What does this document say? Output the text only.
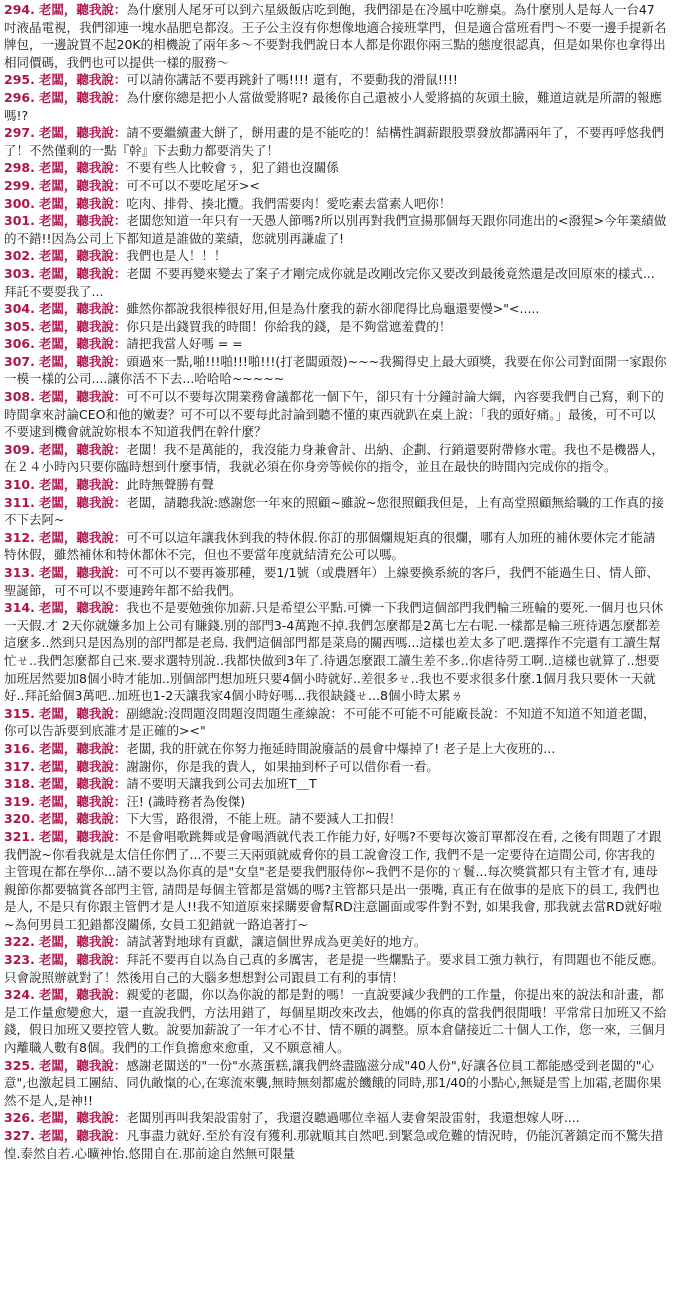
294. 老闆，聽我說：為什麼別人尾牙可以到六星級飯店吃到飽，我們卻是在冷風中吃辦桌。為什麼別人是每人一台47吋液晶電視，我們卻連一塊水晶肥皂都沒。王子公主沒有你想像地適合接班掌門，但是適合當班看門～不要一邊手提新名牌包，一邊說買不起20K的相機說了兩年多～不要對我們說日本人都是你跟你兩三點的態度很認真，但是如果你也拿得出相同價碼，我們也可以提供一樣的服務～
295. 老闆，聽我說：可以請你講話不要再跳針了嗎!!!! 還有，不要動我的滑鼠!!!!
296. 老闆，聽我說：為什麼你總是把小人當做愛將呢? 最後你自己還被小人愛將搞的灰頭土臉，難道這就是所謂的報應嗎!?
297. 老闆，聽我說：請不要繼續畫大餅了，餅用畫的是不能吃的！結構性調薪跟股票發放都講兩年了，不要再呼悠我們了！不然僅剩的一點『幹』下去動力都要消失了！
298. 老闆，聽我說：不要有些人比較會ㄋ，犯了錯也沒關係
299. 老闆，聽我說：可不可以不要吃尾牙><
300. 老闆，聽我說：吃肉、排骨、揍北攬。我們需要肉！愛吃素去當素人吧你！
301. 老闆，聽我說：老闆您知道一年只有一天愚人節嗎?所以別再對我們宣揚那個每天跟你同進出的<潑猩>今年業績做的不錯!!因為公司上下都知道是誰做的業績，您就別再謙虛了!
302. 老闆，聽我說：我們也是人！！！
303. 老闆，聽我說：老闆 不要再變來變去了案子才剛完成你就是改剛改完你又要改到最後竟然還是改回原來的樣式...拜託不要耍我了...
304. 老闆，聽我說：雖然你都說我很棒很好用,但是為什麼我的薪水卻爬得比烏龜還要慢>"<.....
305. 老闆，聽我說：你只是出錢買我的時間！你給我的錢，是不夠當遮羞費的！
306. 老闆，聽我說：請把我當人好嗎 = =
307. 老闆，聽我說：頭過來一點,啪!!!啪!!!啪!!!(打老闆頭殼)~~~我獨得史上最大頭獎，我要在你公司對面開一家跟你一模一樣的公司....讓你活不下去...哈哈哈~~~~~
308. 老闆，聽我說：可不可以不要每次開業務會議都花一個下午，卻只有十分鐘討論大綱，內容要我們自己寫，剩下的時間拿來討論CEO和他的嫩妻？可不可以不要每此討論到聽不懂的東西就趴在桌上說：「我的頭好痛。」最後，可不可以不要逮到機會就說妳根本不知道我們在幹什麼？
309. 老闆，聽我說：老闆！我不是萬能的，我沒能力身兼會計、出納、企劃、行銷還要附帶修水電。我也不是機器人，在２４小時內只要你臨時想到什麼事情，我就必須在你身旁等候你的指令，並且在最快的時間內完成你的指令。
310. 老闆，聽我說：此時無聲勝有聲
311. 老闆，聽我說：老闆，請聽我說:感謝您一年來的照顧~雖說~您很照顧我但是，上有高堂照顧無給職的工作真的接不下去阿~
312. 老闆，聽我說：可不可以這年讓我休到我的特休假.你訂的那個爛規矩真的很爛，哪有人加班的補休要休完才能請特休假，雖然補休和特休都休不完，但也不要當年度就結清充公可以嗎。
313. 老闆，聽我說：可不可以不要再簽那種，要1/1號（或農曆年）上線要換系統的客戶，我們不能過生日、情人節、聖誕節，可不可以不要連跨年都不給我們。
314. 老闆，聽我說：我也不是要勉強你加薪.只是希望公平點.可憐一下我們這個部門我們輪三班輪的要死.一個月也只休一天假.才 2天你就嫌多加上公司有賺錢.別的部門3-4萬跑不掉.我們怎麼都是2萬七左右呢.一樣都是輪三班待遇怎麼都差這麼多..然到只是因為別的部門都是老鳥. 我們這個部門都是菜鳥的關西嗎...這樣也差太多了吧.選擇作不完還有工讀生幫忙ㄝ..我們怎麼都自己來.要求選特別說..我都快做到3年了.待遇怎麼跟工讀生差不多..你虐待勞工啊..這樣也就算了..想要加班居然要加8個小時才能加..別個部門想加班只要4個小時就好..差很多ㄝ..我也不要求很多什麼.1個月我只要休一天就好..拜託給個3萬吧..加班也1-2天讓我家4個小時好嗎...我很缺錢ㄝ...8個小時太累ㄌ
315. 老闆，聽我說：副總說:沒問題沒問題沒問題生產線說：不可能不可能不可能廠長說：不知道不知道不知道老闆，你可以告訴要到底誰才是正確的><"
316. 老闆，聽我說：老闆, 我的肝就在你努力拖延時間說廢話的晨會中爆掉了! 老子是上大夜班的...
317. 老闆，聽我說：謝謝你，你是我的貴人，如果抽到杯子可以借你看一看。
318. 老闆，聽我說：請不要明天讓我到公司去加班T＿T
319. 老闆，聽我說：汪! (識時務者為俊傑)
320. 老闆，聽我說：下大雪，路很滑，不能上班。請不要減人工扣假！
321. 老闆，聽我說：不是會唱歌跳舞或是會喝酒就代表工作能力好, 好嗎?不要每次簽訂單都沒在看, 之後有問題了才跟我們說~你看我就是太信任你們了...不要三天兩頭就威脅你的員工說會沒工作, 我們不是一定要待在這間公司, 你害我的主管現在都在學你...請不要以為你真的是"女皇"老是要我們服侍你~我們不是你的ㄚ鬟...每次獎賞都只有主管才有, 連母親節你都要犒賞各部門主管, 請問是每個主管都是當媽的嗎?主管都只是出一張嘴, 真正有在做事的是底下的員工, 我們也是人, 不是只有你跟主管們才是人!!我不知道原來採購要會幫RD注意圖面或零件對不對, 如果我會, 那我就去當RD就好啦~為何男員工犯錯都沒關係, 女員工犯錯就一路追著打~
322. 老闆，聽我說：請試著對地球有貢獻，讓這個世界成為更美好的地方。
323. 老闆，聽我說：拜託不要再自以為自己真的多厲害，老是提一些爛點子。要求員工強力執行，有問題也不能反應。只會說照辦就對了！然後用自己的大腦多想想對公司跟員工有利的事情！
324. 老闆，聽我說：親愛的老闆，你以為你說的都是對的嗎！一直說要減少我們的工作量，你提出來的說法和計畫，都是工作量愈變愈大，還一直說我們，方法用錯了，每個星期改來改去，他媽的你真的當我們很閒哦！平常常日加班又不給錢，假日加班又要控管人數。說要加薪說了一年才心不甘、情不願的調整。原本倉儲接近二十個人工作，您一來，三個月內離職人數有8個。我們的工作負擔愈來愈重，又不願意補人。
325. 老闆，聽我說：感謝老闆送的"一份"水蒸蛋糕,讓我們終盡臨滋分成"40人份",好讓各位員工都能感受到老闆的"心意",也激起員工團結、同仇敵愾的心,在寒流來襲,無時無刻都處於饑餓的同時,那1/40的小點心,無疑是雪上加霜,老闆你果然不是人,是神!!
326. 老闆，聽我說：老闆別再叫我架設雷射了，我還沒聽過哪位幸福人妻會架設雷射，我還想嫁人呀....
327. 老闆，聽我說：凡事盡力就好.至於有沒有獲利.那就順其自然吧.到緊急或危難的情況時，仍能沉著鎮定而不驚失措惶.泰然自若.心曠神怡.悠閒自在.那前途自然無可限量
